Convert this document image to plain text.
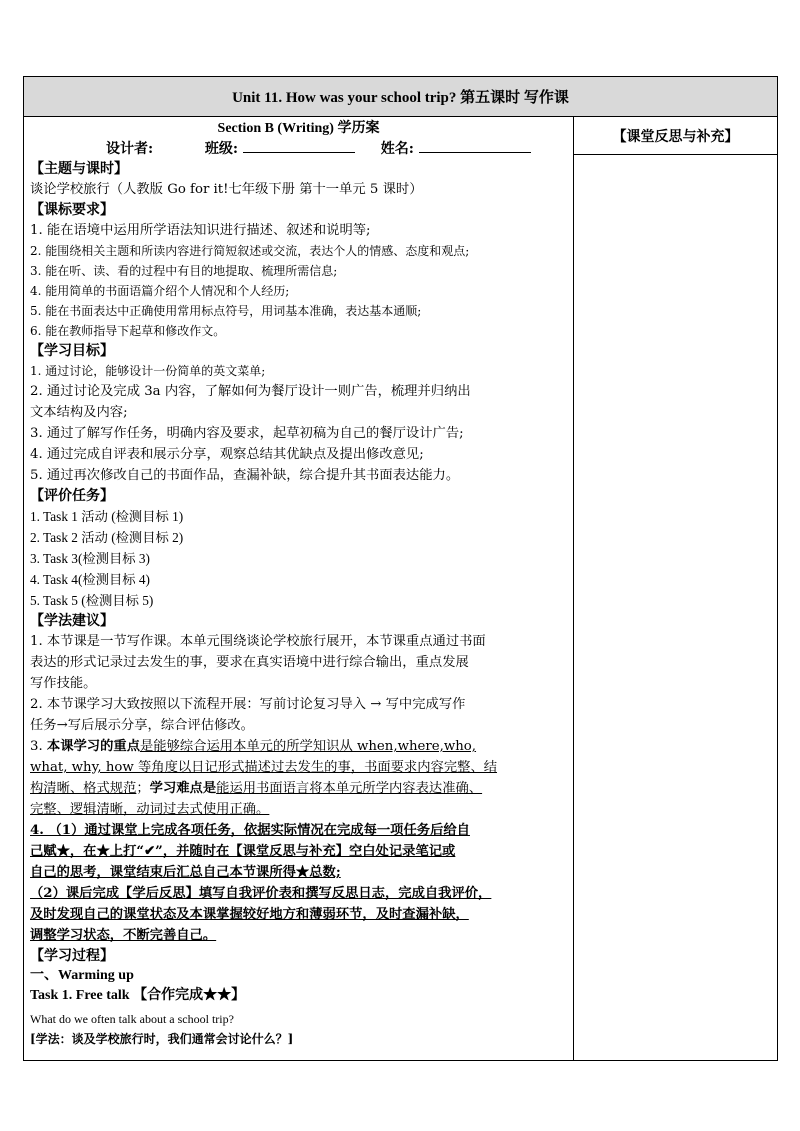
Unit 11. How was your school trip? 第五课时 写作课
Section B (Writing) 学历案
设计者:	班级:	姓名:
【主题与课时】
谈论学校旅行（人教版 Go for it!七年级下册 第十一单元 5 课时）
【课标要求】
1. 能在语境中运用所学语法知识进行描述、叙述和说明等;
2. 能围绕相关主题和所读内容进行简短叙述或交流，表达个人的情感、态度和观点;
3. 能在听、读、看的过程中有目的地提取、梳理所需信息;
4. 能用简单的书面语篇介绍个人情况和个人经历;
5. 能在书面表达中正确使用常用标点符号，用词基本准确，表达基本通顺;
6. 能在教师指导下起草和修改作文。
【学习目标】
1. 通过讨论，能够设计一份简单的英文菜单;
2. 通过讨论及完成 3a 内容，了解如何为餐厅设计一则广告，梳理并归纳出
文本结构及内容;
3. 通过了解写作任务，明确内容及要求，起草初稿为自己的餐厅设计广告;
4. 通过完成自评表和展示分享，观察总结其优缺点及提出修改意见;
5. 通过再次修改自己的书面作品，查漏补缺，综合提升其书面表达能力。
【评价任务】
1. Task 1 活动 (检测目标 1)
2. Task 2 活动 (检测目标 2)
3. Task 3(检测目标 3)
4. Task 4(检测目标 4)
5. Task 5 (检测目标 5)
【学法建议】
1. 本节课是一节写作课。本单元围绕谈论学校旅行展开，本节课重点通过书面
表达的形式记录过去发生的事，要求在真实语境中进行综合输出，重点发展
写作技能。
2. 本节课学习大致按照以下流程开展：写前讨论复习导入 → 写中完成写作
任务→写后展示分享，综合评估修改。
3. 本课学习的重点是能够综合运用本单元的所学知识从 when,where,who,
what, why, how 等角度以日记形式描述过去发生的事，书面要求内容完整、结
构清晰、格式规范；学习难点是能运用书面语言将本单元所学内容表达准确、
完整、逻辑清晰，动词过去式使用正确。
4. （1）通过课堂上完成各项任务，依据实际情况在完成每一项任务后给自
己赋★，在★上打“✔”，并随时在【课堂反思与补充】空白处记录笔记或
自己的思考，课堂结束后汇总自己本节课所得★总数;
（2）课后完成【学后反思】填写自我评价表和撰写反思日志，完成自我评价，
及时发现自己的课堂状态及本课掌握较好地方和薄弱环节，及时查漏补缺，
调整学习状态，不断完善自己。
【学习过程】
一、Warming up
Task 1. Free talk 【合作完成★★】
What do we often talk about a school trip?
[学法：谈及学校旅行时，我们通常会讨论什么？]
【课堂反思与补充】
